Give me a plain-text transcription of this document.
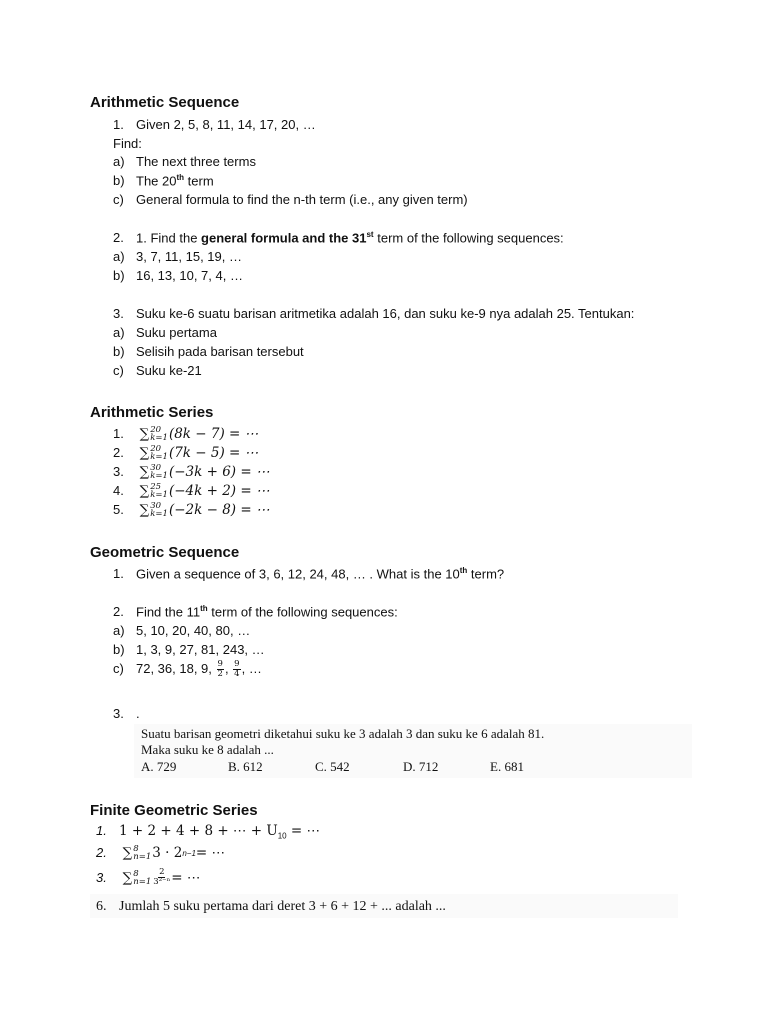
Arithmetic Sequence
1. Given 2, 5, 8, 11, 14, 17, 20, …
Find:
a) The next three terms
b) The 20th term
c) General formula to find the n-th term (i.e., any given term)
2. 1. Find the general formula and the 31st term of the following sequences:
a) 3, 7, 11, 15, 19, …
b) 16, 13, 10, 7, 4, …
3. Suku ke-6 suatu barisan aritmetika adalah 16, dan suku ke-9 nya adalah 25. Tentukan:
a) Suku pertama
b) Selisih pada barisan tersebut
c) Suku ke-21
Arithmetic Series
1. ∑ 20
k=1 (8k − 7) = ⋯
2. ∑ 20
k=1 (7k − 5) = ⋯
3. ∑ 30
k=1 (−3k + 6) = ⋯
4. ∑ 25
k=1 (−4k + 2) = ⋯
5. ∑ 30
k=1 (−2k − 8) = ⋯
Geometric Sequence
1. Given a sequence of 3, 6, 12, 24, 48, … . What is the 10th term?
2. Find the 11th term of the following sequences:
a) 5, 10, 20, 40, 80, …
b) 1, 3, 9, 27, 81, 243, …
c) 72, 36, 18, 9, $\frac{9}{2}$ , $\frac{9}{4}$ , …
3. .
Suatu barisan geometri diketahui suku ke 3 adalah 3 dan suku ke 6 adalah 81.
Maka suku ke 8 adalah ...
A. 729	B. 612	C. 542	D. 712	E. 681
Finite Geometric Series
1. 1 + 2 + 4 + 8 + ⋯ + $U_{10}$ = ⋯
2. ∑ 8
n=1 3 · 2 n−1 = ⋯
3. ∑ 8
$n=1 \frac{2}{\text{3²⁻ⁿ}}$ = ⋯
6. Jumlah 5 suku pertama dari deret 3 + 6 + 12 + ... adalah ...
